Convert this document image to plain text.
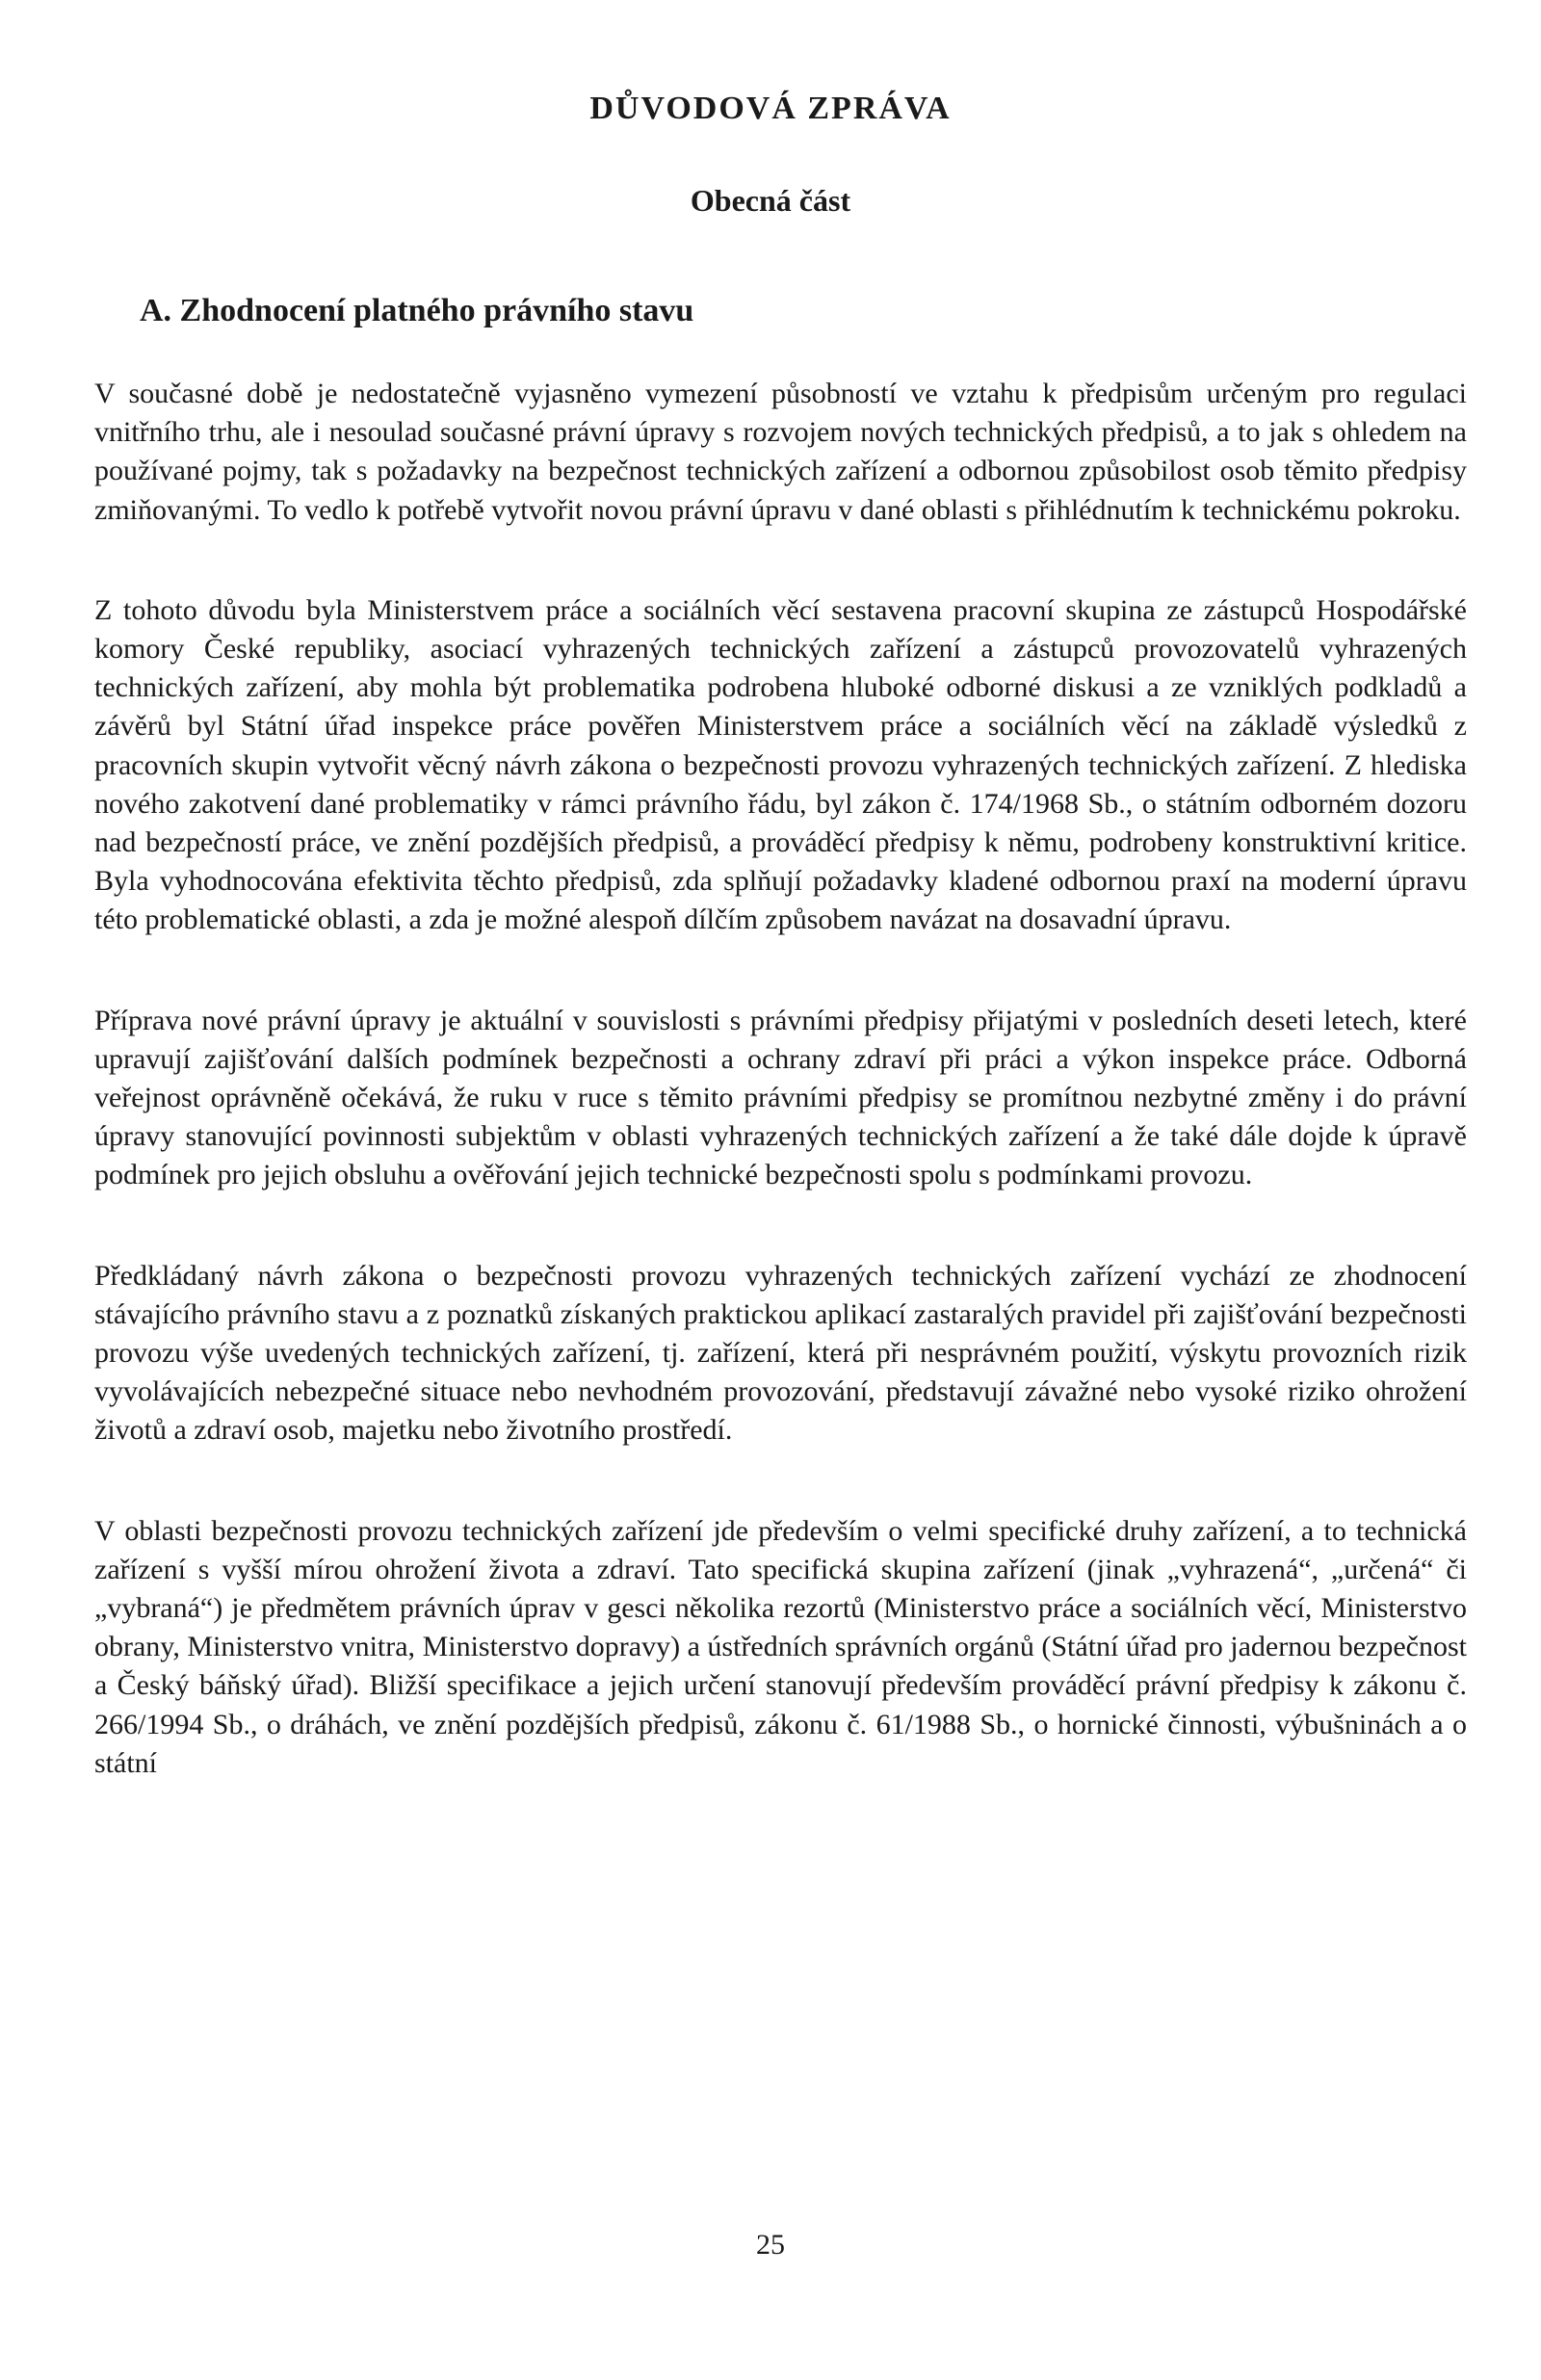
DŮVODOVÁ ZPRÁVA
Obecná část
A. Zhodnocení platného právního stavu

V současné době je nedostatečně vyjasněno vymezení působností ve vztahu k předpisům určeným pro regulaci vnitřního trhu, ale i nesoulad současné právní úpravy s rozvojem nových technických předpisů, a to jak s ohledem na používané pojmy, tak s požadavky na bezpečnost technických zařízení a odbornou způsobilost osob těmito předpisy zmiňovanými. To vedlo k potřebě vytvořit novou právní úpravu v dané oblasti s přihlédnutím k technickému pokroku.

Z tohoto důvodu byla Ministerstvem práce a sociálních věcí sestavena pracovní skupina ze zástupců Hospodářské komory České republiky, asociací vyhrazených technických zařízení a zástupců provozovatelů vyhrazených technických zařízení, aby mohla být problematika podrobena hluboké odborné diskusi a ze vzniklých podkladů a závěrů byl Státní úřad inspekce práce pověřen Ministerstvem práce a sociálních věcí na základě výsledků z pracovních skupin vytvořit věcný návrh zákona o bezpečnosti provozu vyhrazených technických zařízení. Z hlediska nového zakotvení dané problematiky v rámci právního řádu, byl zákon č. 174/1968 Sb., o státním odborném dozoru nad bezpečností práce, ve znění pozdějších předpisů, a prováděcí předpisy k němu, podrobeny konstruktivní kritice. Byla vyhodnocována efektivita těchto předpisů, zda splňují požadavky kladené odbornou praxí na moderní úpravu této problematické oblasti, a zda je možné alespoň dílčím způsobem navázat na dosavadní úpravu.

Příprava nové právní úpravy je aktuální v souvislosti s právními předpisy přijatými v posledních deseti letech, které upravují zajišťování dalších podmínek bezpečnosti a ochrany zdraví při práci a výkon inspekce práce. Odborná veřejnost oprávněně očekává, že ruku v ruce s těmito právními předpisy se promítnou nezbytné změny i do právní úpravy stanovující povinnosti subjektům v oblasti vyhrazených technických zařízení a že také dále dojde k úpravě podmínek pro jejich obsluhu a ověřování jejich technické bezpečnosti spolu s podmínkami provozu.

Předkládaný návrh zákona o bezpečnosti provozu vyhrazených technických zařízení vychází ze zhodnocení stávajícího právního stavu a z poznatků získaných praktickou aplikací zastaralých pravidel při zajišťování bezpečnosti provozu výše uvedených technických zařízení, tj. zařízení, která při nesprávném použití, výskytu provozních rizik vyvolávajících nebezpečné situace nebo nevhodném provozování, představují závažné nebo vysoké riziko ohrožení životů a zdraví osob, majetku nebo životního prostředí.

V oblasti bezpečnosti provozu technických zařízení jde především o velmi specifické druhy zařízení, a to technická zařízení s vyšší mírou ohrožení života a zdraví. Tato specifická skupina zařízení (jinak „vyhrazená“, „určená“ či „vybraná“) je předmětem právních úprav v gesci několika rezortů (Ministerstvo práce a sociálních věcí, Ministerstvo obrany, Ministerstvo vnitra, Ministerstvo dopravy) a ústředních správních orgánů (Státní úřad pro jadernou bezpečnost a Český báňský úřad). Bližší specifikace a jejich určení stanovují především prováděcí právní předpisy k zákonu č. 266/1994 Sb., o dráhách, ve znění pozdějších předpisů, zákonu č. 61/1988 Sb., o hornické činnosti, výbušninách a o státní

25
